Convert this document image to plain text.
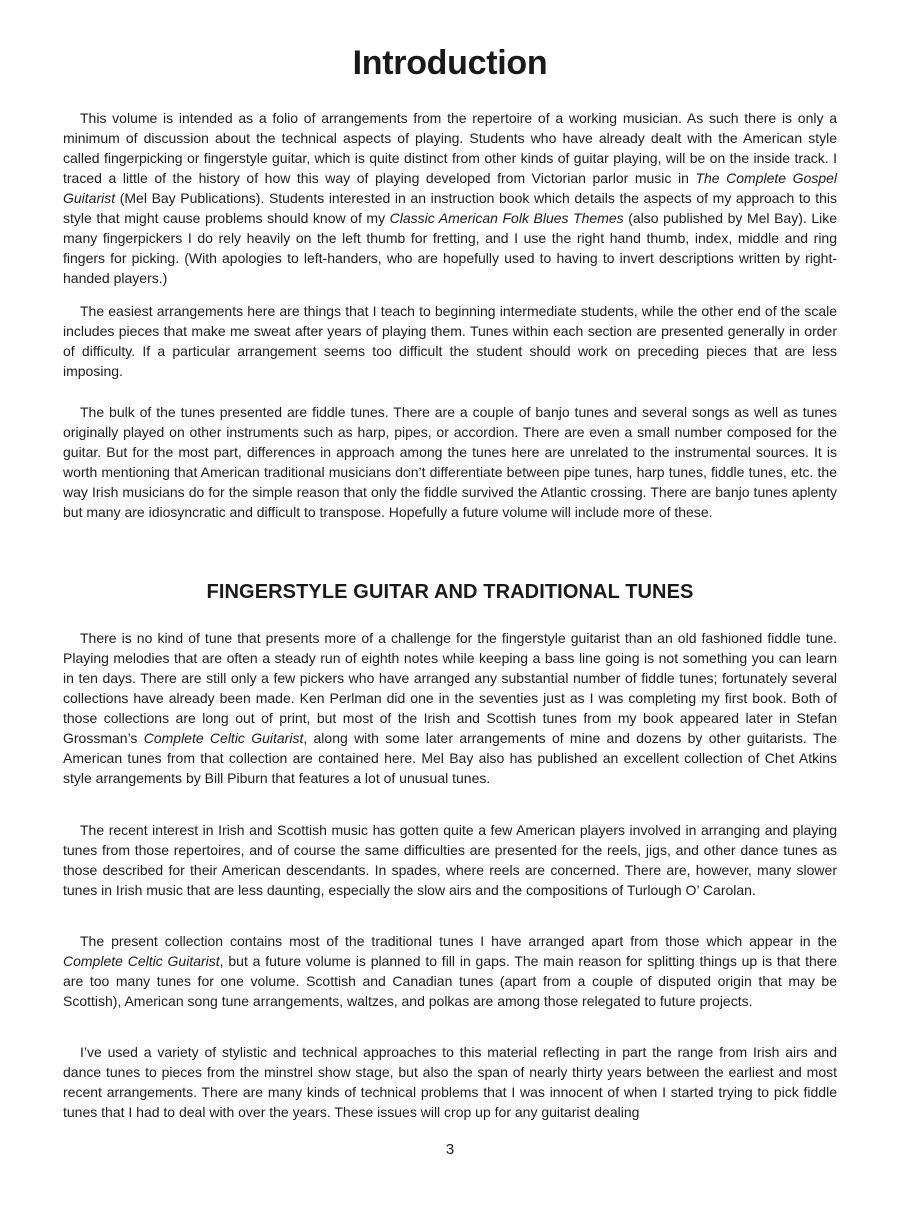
Introduction

This volume is intended as a folio of arrangements from the repertoire of a working musician. As such there is only a minimum of discussion about the technical aspects of playing. Students who have already dealt with the American style called fingerpicking or fingerstyle guitar, which is quite distinct from other kinds of guitar playing, will be on the inside track. I traced a little of the history of how this way of playing developed from Victorian parlor music in The Complete Gospel Guitarist (Mel Bay Publications). Students interested in an instruction book which details the aspects of my approach to this style that might cause problems should know of my Classic American Folk Blues Themes (also published by Mel Bay). Like many fingerpickers I do rely heavily on the left thumb for fretting, and I use the right hand thumb, index, middle and ring fingers for picking. (With apologies to left-handers, who are hopefully used to having to invert descriptions written by right-handed players.)

The easiest arrangements here are things that I teach to beginning intermediate students, while the other end of the scale includes pieces that make me sweat after years of playing them. Tunes within each section are presented generally in order of difficulty. If a particular arrangement seems too difficult the student should work on preceding pieces that are less imposing.

The bulk of the tunes presented are fiddle tunes. There are a couple of banjo tunes and several songs as well as tunes originally played on other instruments such as harp, pipes, or accordion. There are even a small number composed for the guitar. But for the most part, differences in approach among the tunes here are unrelated to the instrumental sources. It is worth mentioning that American traditional musicians don’t differentiate between pipe tunes, harp tunes, fiddle tunes, etc. the way Irish musicians do for the simple reason that only the fiddle survived the Atlantic crossing. There are banjo tunes aplenty but many are idiosyncratic and difficult to transpose. Hopefully a future volume will include more of these.

FINGERSTYLE GUITAR AND TRADITIONAL TUNES

There is no kind of tune that presents more of a challenge for the fingerstyle guitarist than an old fashioned fiddle tune. Playing melodies that are often a steady run of eighth notes while keeping a bass line going is not something you can learn in ten days. There are still only a few pickers who have arranged any substantial number of fiddle tunes; fortunately several collections have already been made. Ken Perlman did one in the seventies just as I was completing my first book. Both of those collections are long out of print, but most of the Irish and Scottish tunes from my book appeared later in Stefan Grossman’s Complete Celtic Guitarist, along with some later arrangements of mine and dozens by other guitarists. The American tunes from that collection are contained here. Mel Bay also has published an excellent collection of Chet Atkins style arrangements by Bill Piburn that features a lot of unusual tunes.

The recent interest in Irish and Scottish music has gotten quite a few American players involved in arranging and playing tunes from those repertoires, and of course the same difficulties are presented for the reels, jigs, and other dance tunes as those described for their American descendants. In spades, where reels are concerned. There are, however, many slower tunes in Irish music that are less daunting, especially the slow airs and the compositions of Turlough O’ Carolan.

The present collection contains most of the traditional tunes I have arranged apart from those which appear in the Complete Celtic Guitarist, but a future volume is planned to fill in gaps. The main reason for splitting things up is that there are too many tunes for one volume. Scottish and Canadian tunes (apart from a couple of disputed origin that may be Scottish), American song tune arrangements, waltzes, and polkas are among those relegated to future projects.

I’ve used a variety of stylistic and technical approaches to this material reflecting in part the range from Irish airs and dance tunes to pieces from the minstrel show stage, but also the span of nearly thirty years between the earliest and most recent arrangements. There are many kinds of technical problems that I was innocent of when I started trying to pick fiddle tunes that I had to deal with over the years. These issues will crop up for any guitarist dealing

3
